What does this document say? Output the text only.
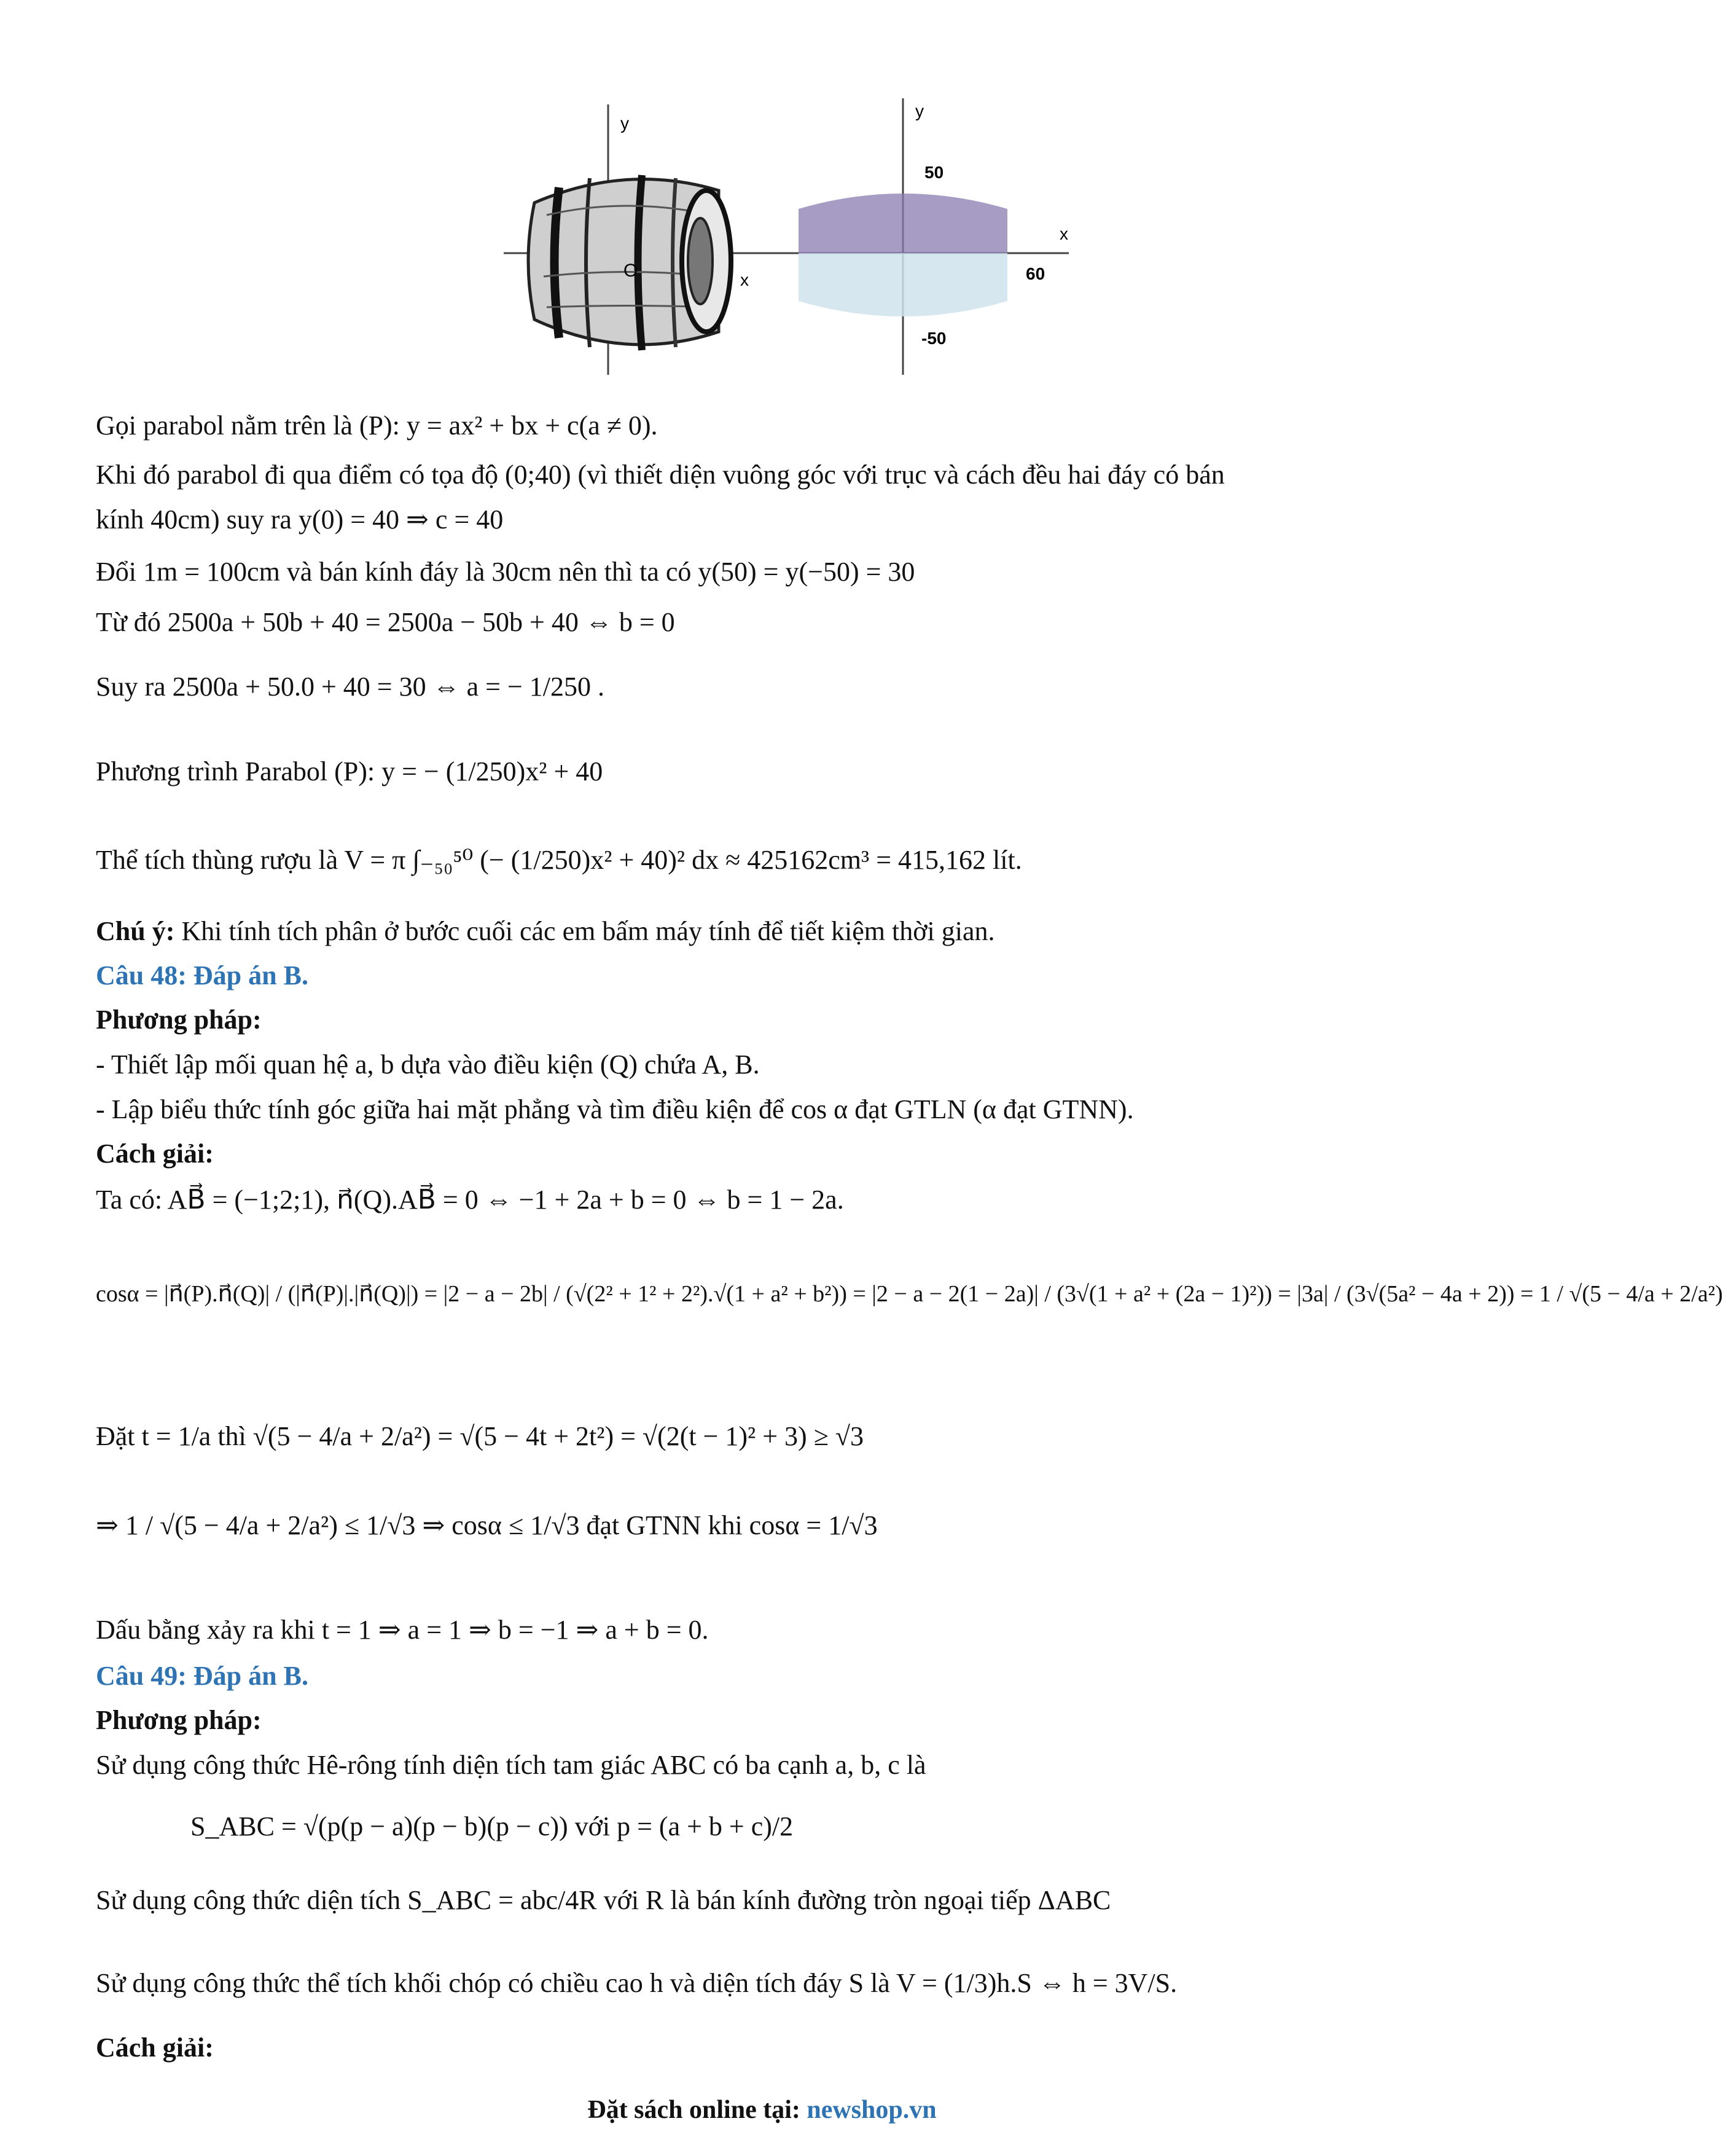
y
x
O
y
x
50
-50
60
Gọi parabol nằm trên là (P): y = ax² + bx + c(a ≠ 0).
Khi đó parabol đi qua điểm có tọa độ (0;40) (vì thiết diện vuông góc với trục và cách đều hai đáy có bán
kính 40cm) suy ra y(0) = 40 ⇒ c = 40
Đổi 1m = 100cm và bán kính đáy là 30cm nên thì ta có y(50) = y(−50) = 30
Từ đó 2500a + 50b + 40 = 2500a − 50b + 40 ⇔ b = 0
Suy ra 2500a + 50.0 + 40 = 30 ⇔ a = − 1/250 .
Phương trình Parabol (P): y = − (1/250)x² + 40
Thể tích thùng rượu là V = π ∫₋₅₀⁵⁰ (− (1/250)x² + 40)² dx ≈ 425162cm³ = 415,162 lít.
Chú ý: Khi tính tích phân ở bước cuối các em bấm máy tính để tiết kiệm thời gian.
Câu 48: Đáp án B.
Phương pháp:
- Thiết lập mối quan hệ a, b dựa vào điều kiện (Q) chứa A, B.
- Lập biểu thức tính góc giữa hai mặt phẳng và tìm điều kiện để cos α đạt GTLN (α đạt GTNN).
Cách giải:
Ta có: AB⃗ = (−1;2;1), n⃗(Q).AB⃗ = 0 ⇔ −1 + 2a + b = 0 ⇔ b = 1 − 2a.
cosα = |n⃗(P).n⃗(Q)| / (|n⃗(P)|.|n⃗(Q)|) = |2 − a − 2b| / (√(2² + 1² + 2²).√(1 + a² + b²)) = |2 − a − 2(1 − 2a)| / (3√(1 + a² + (2a − 1)²)) = |3a| / (3√(5a² − 4a + 2)) = 1 / √(5 − 4/a + 2/a²)
Đặt t = 1/a thì √(5 − 4/a + 2/a²) = √(5 − 4t + 2t²) = √(2(t − 1)² + 3) ≥ √3
⇒ 1 / √(5 − 4/a + 2/a²) ≤ 1/√3 ⇒ cosα ≤ 1/√3 đạt GTNN khi cosα = 1/√3
Dấu bằng xảy ra khi t = 1 ⇒ a = 1 ⇒ b = −1 ⇒ a + b = 0.
Câu 49: Đáp án B.
Phương pháp:
Sử dụng công thức Hê-rông tính diện tích tam giác ABC có ba cạnh a, b, c là
S_ABC = √(p(p − a)(p − b)(p − c)) với p = (a + b + c)/2
Sử dụng công thức diện tích S_ABC = abc/4R với R là bán kính đường tròn ngoại tiếp ΔABC
Sử dụng công thức thể tích khối chóp có chiều cao h và diện tích đáy S là V = (1/3)h.S ⇔ h = 3V/S.
Cách giải:
Đặt sách online tại: newshop.vn
